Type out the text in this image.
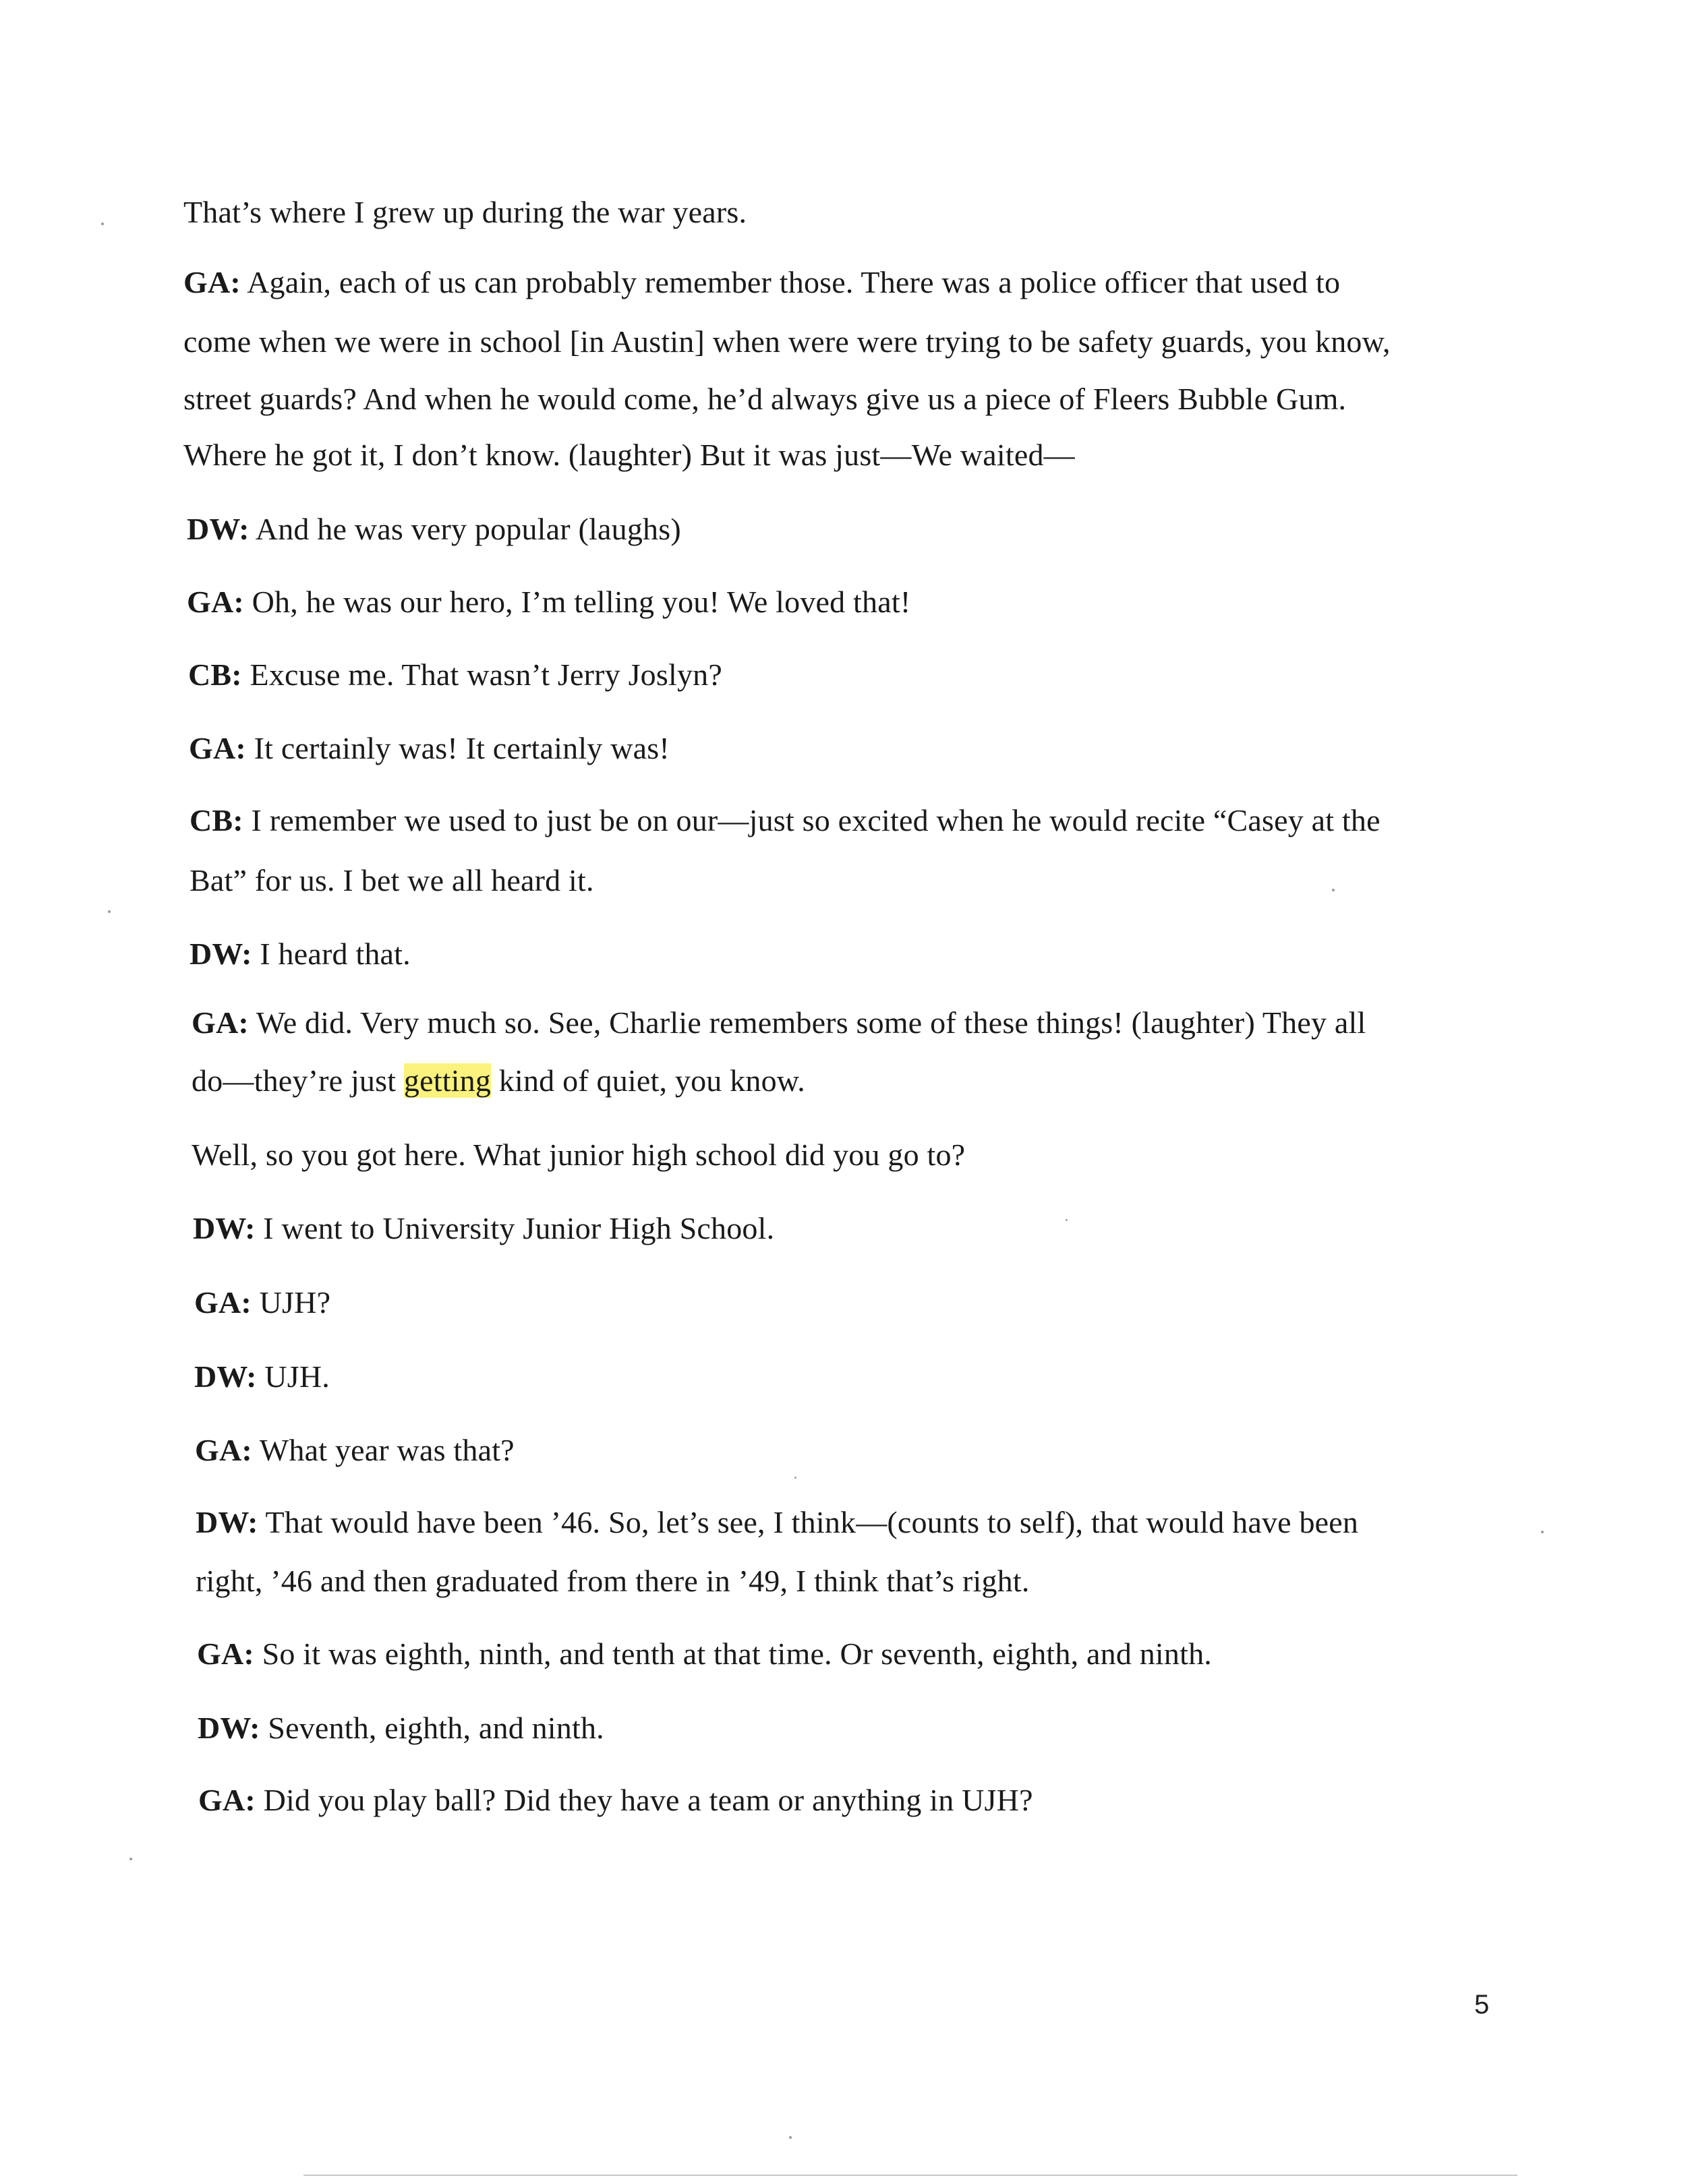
That’s where I grew up during the war years.
GA: Again, each of us can probably remember those. There was a police officer that used to
come when we were in school [in Austin] when were were trying to be safety guards, you know,
street guards? And when he would come, he’d always give us a piece of Fleers Bubble Gum.
Where he got it, I don’t know. (laughter) But it was just—We waited—
DW: And he was very popular (laughs)
GA: Oh, he was our hero, I’m telling you! We loved that!
CB: Excuse me. That wasn’t Jerry Joslyn?
GA: It certainly was! It certainly was!
CB: I remember we used to just be on our—just so excited when he would recite “Casey at the
Bat” for us. I bet we all heard it.
DW: I heard that.
GA: We did. Very much so. See, Charlie remembers some of these things! (laughter) They all
do—they’re just getting kind of quiet, you know.
Well, so you got here. What junior high school did you go to?
DW: I went to University Junior High School.
GA: UJH?
DW: UJH.
GA: What year was that?
DW: That would have been ’46. So, let’s see, I think—(counts to self), that would have been
right, ’46 and then graduated from there in ’49, I think that’s right.
GA: So it was eighth, ninth, and tenth at that time. Or seventh, eighth, and ninth.
DW: Seventh, eighth, and ninth.
GA: Did you play ball? Did they have a team or anything in UJH?
5
